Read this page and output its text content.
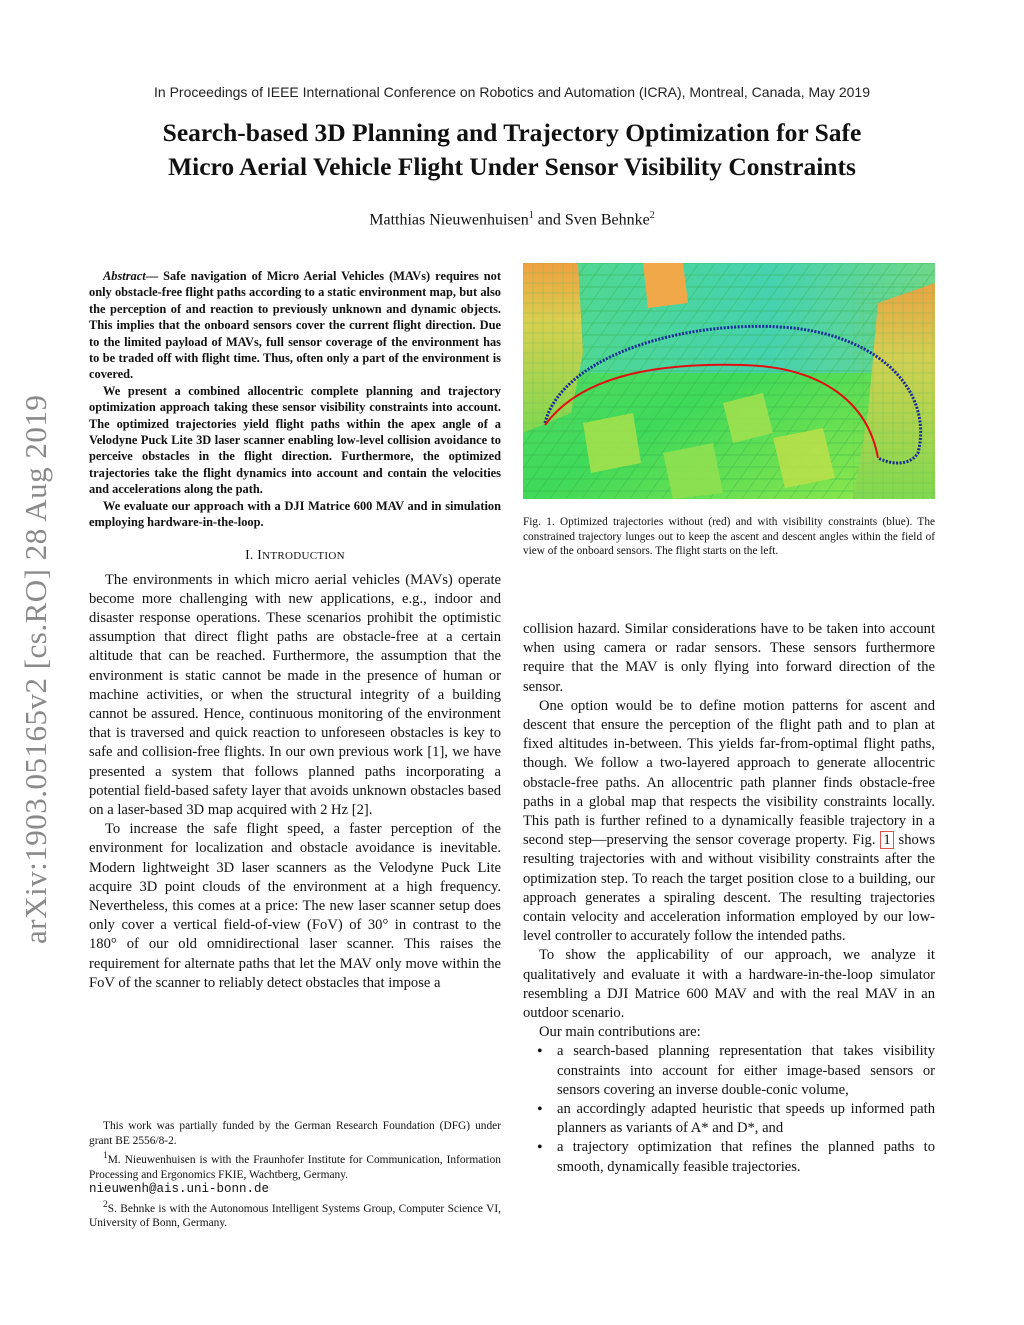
In Proceedings of IEEE International Conference on Robotics and Automation (ICRA), Montreal, Canada, May 2019
Search-based 3D Planning and Trajectory Optimization for Safe
Micro Aerial Vehicle Flight Under Sensor Visibility Constraints
Matthias Nieuwenhuisen$^1$ and Sven Behnke$^2$
arXiv:1903.05165v2 [cs.RO] 28 Aug 2019

Abstract— Safe navigation of Micro Aerial Vehicles (MAVs) requires not only obstacle-free flight paths according to a static environment map, but also the perception of and reaction to previously unknown and dynamic objects. This implies that the onboard sensors cover the current flight direction. Due to the limited payload of MAVs, full sensor coverage of the environment has to be traded off with flight time. Thus, often only a part of the environment is covered.

We present a combined allocentric complete planning and trajectory optimization approach taking these sensor visibility constraints into account. The optimized trajectories yield flight paths within the apex angle of a Velodyne Puck Lite 3D laser scanner enabling low-level collision avoidance to perceive obstacles in the flight direction. Furthermore, the optimized trajectories take the flight dynamics into account and contain the velocities and accelerations along the path.

We evaluate our approach with a DJI Matrice 600 MAV and in simulation employing hardware-in-the-loop.

I. INTRODUCTION

The environments in which micro aerial vehicles (MAVs) operate become more challenging with new applications, e.g., indoor and disaster response operations. These scenarios prohibit the optimistic assumption that direct flight paths are obstacle-free at a certain altitude that can be reached. Furthermore, the assumption that the environment is static cannot be made in the presence of human or machine activities, or when the structural integrity of a building cannot be assured. Hence, continuous monitoring of the environment that is traversed and quick reaction to unforeseen obstacles is key to safe and collision-free flights. In our own previous work [1], we have presented a system that follows planned paths incorporating a potential field-based safety layer that avoids unknown obstacles based on a laser-based 3D map acquired with 2 Hz [2].

To increase the safe flight speed, a faster perception of the environment for localization and obstacle avoidance is inevitable. Modern lightweight 3D laser scanners as the Velodyne Puck Lite acquire 3D point clouds of the environment at a high frequency. Nevertheless, this comes at a price: The new laser scanner setup does only cover a vertical field-of-view (FoV) of 30° in contrast to the 180° of our old omnidirectional laser scanner. This raises the requirement for alternate paths that let the MAV only move within the FoV of the scanner to reliably detect obstacles that impose a

This work was partially funded by the German Research Foundation (DFG) under grant BE 2556/8-2.

$^1$M. Nieuwenhuisen is with the Fraunhofer Institute for Communication, Information Processing and Ergonomics FKIE, Wachtberg, Germany.
nieuwenh@ais.uni-bonn.de

$^2$S. Behnke is with the Autonomous Intelligent Systems Group, Computer Science VI, University of Bonn, Germany.

Fig. 1. Optimized trajectories without (red) and with visibility constraints (blue). The constrained trajectory lunges out to keep the ascent and descent angles within the field of view of the onboard sensors. The flight starts on the left.

collision hazard. Similar considerations have to be taken into account when using camera or radar sensors. These sensors furthermore require that the MAV is only flying into forward direction of the sensor.

One option would be to define motion patterns for ascent and descent that ensure the perception of the flight path and to plan at fixed altitudes in-between. This yields far-from-optimal flight paths, though. We follow a two-layered approach to generate allocentric obstacle-free paths. An allocentric path planner finds obstacle-free paths in a global map that respects the visibility constraints locally. This path is further refined to a dynamically feasible trajectory in a second step—preserving the sensor coverage property. Fig. 1 shows resulting trajectories with and without visibility constraints after the optimization step. To reach the target position close to a building, our approach generates a spiraling descent. The resulting trajectories contain velocity and acceleration information employed by our low-level controller to accurately follow the intended paths.

To show the applicability of our approach, we analyze it qualitatively and evaluate it with a hardware-in-the-loop simulator resembling a DJI Matrice 600 MAV and with the real MAV in an outdoor scenario.

Our main contributions are:

• a search-based planning representation that takes visibility constraints into account for either image-based sensors or sensors covering an inverse double-conic volume,
• an accordingly adapted heuristic that speeds up informed path planners as variants of A* and D*, and
• a trajectory optimization that refines the planned paths to smooth, dynamically feasible trajectories.
